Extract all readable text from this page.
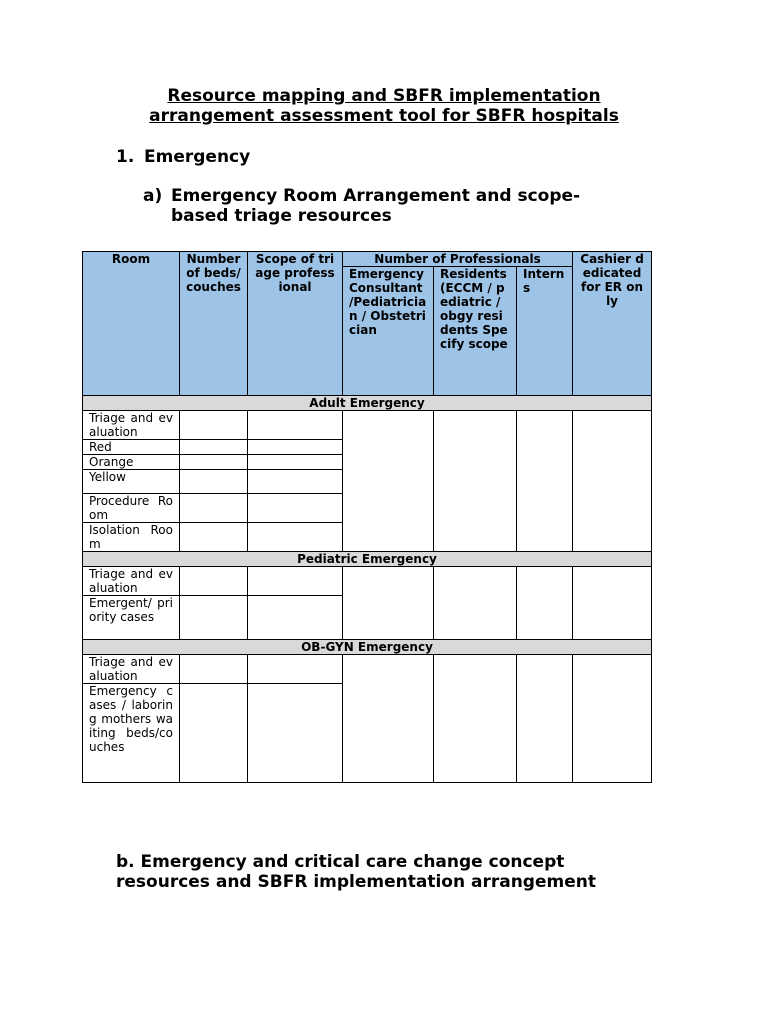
Resource mapping and SBFR implementation
arrangement assessment tool for SBFR hospitals
1. Emergency
a) Emergency Room Arrangement and scope-
based triage resources
Room	Number of beds/ couches	Scope of triage professional	Number of Professionals			Cashier dedicated for ER only
			Emergency Consultant /Pediatrician / Obstetrician	Residents (ECCM / pediatric / obgy residents Specify scope	Interns	
Adult Emergency						
Triage and evaluation						
Red						
Orange						
Yellow						
Procedure Room						
Isolation Room						
Pediatric Emergency						
Triage and evaluation						
Emergent/ priority cases						
OB-GYN Emergency						
Triage and evaluation						
Emergency cases / laboring mothers waiting beds/couches						
b. Emergency and critical care change concept
resources and SBFR implementation arrangement
